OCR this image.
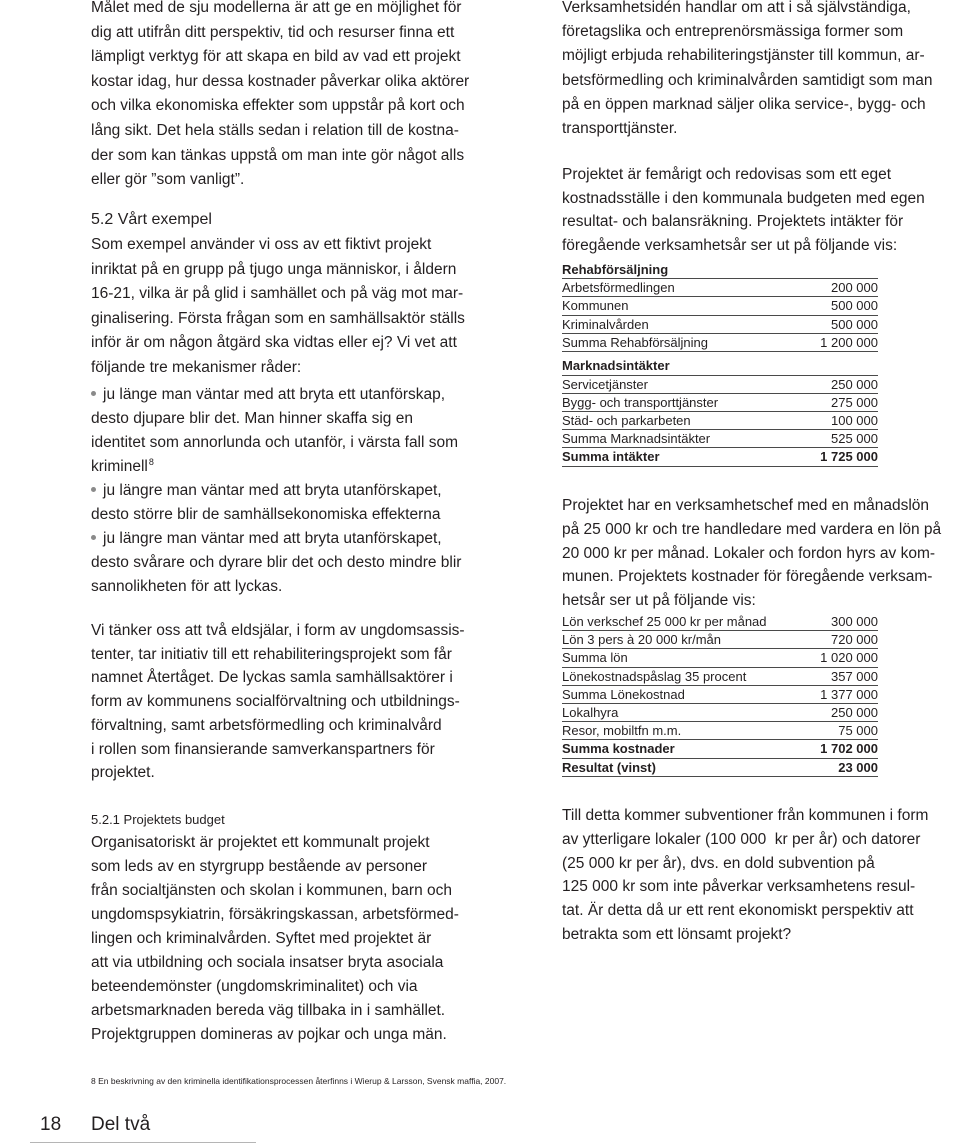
Målet med de sju modellerna är att ge en möjlighet för
dig att utifrån ditt perspektiv, tid och resurser finna ett
lämpligt verktyg för att skapa en bild av vad ett projekt
kostar idag, hur dessa kostnader påverkar olika aktörer
och vilka ekonomiska effekter som uppstår på kort och
lång sikt. Det hela ställs sedan i relation till de kostna-
der som kan tänkas uppstå om man inte gör något alls
eller gör ”som vanligt”.
5.2 Vårt exempel
Som exempel använder vi oss av ett fiktivt projekt
inriktat på en grupp på tjugo unga människor, i åldern
16-21, vilka är på glid i samhället och på väg mot mar-
ginalisering. Första frågan som en samhällsaktör ställs
inför är om någon åtgärd ska vidtas eller ej? Vi vet att
följande tre mekanismer råder:
ju länge man väntar med att bryta ett utanförskap,
desto djupare blir det. Man hinner skaffa sig en
identitet som annorlunda och utanför, i värsta fall som
kriminell$^8$
ju längre man väntar med att bryta utanförskapet,
desto större blir de samhällsekonomiska effekterna
ju längre man väntar med att bryta utanförskapet,
desto svårare och dyrare blir det och desto mindre blir
sannolikheten för att lyckas.
Vi tänker oss att två eldsjälar, i form av ungdomsassis-
tenter, tar initiativ till ett rehabiliteringsprojekt som får
namnet Återtåget. De lyckas samla samhällsaktörer i
form av kommunens socialförvaltning och utbildnings-
förvaltning, samt arbetsförmedling och kriminalvård
i rollen som finansierande samverkanspartners för
projektet.
5.2.1 Projektets budget
Organisatoriskt är projektet ett kommunalt projekt
som leds av en styrgrupp bestående av personer
från socialtjänsten och skolan i kommunen, barn och
ungdomspsykiatrin, försäkringskassan, arbetsförmed-
lingen och kriminalvården. Syftet med projektet är
att via utbildning och sociala insatser bryta asociala
beteendemönster (ungdomskriminalitet) och via
arbetsmarknaden bereda väg tillbaka in i samhället.
Projektgruppen domineras av pojkar och unga män.
Verksamhetsidén handlar om att i så självständiga,
företagslika och entreprenörsmässiga former som
möjligt erbjuda rehabiliteringstjänster till kommun, ar-
betsförmedling och kriminalvården samtidigt som man
på en öppen marknad säljer olika service-, bygg- och
transporttjänster.
Projektet är femårigt och redovisas som ett eget
kostnadsställe i den kommunala budgeten med egen
resultat- och balansräkning. Projektets intäkter för
föregående verksamhetsår ser ut på följande vis:
Rehabförsäljning
Arbetsförmedlingen	200 000
Kommunen	500 000
Kriminalvården	500 000
Summa Rehabförsäljning	1 200 000
Marknadsintäkter
Servicetjänster	250 000
Bygg- och transporttjänster	275 000
Städ- och parkarbeten	100 000
Summa Marknadsintäkter	525 000
Summa intäkter	1 725 000
Projektet har en verksamhetschef med en månadslön
på 25 000 kr och tre handledare med vardera en lön på
20 000 kr per månad. Lokaler och fordon hyrs av kom-
munen. Projektets kostnader för föregående verksam-
hetsår ser ut på följande vis:
Lön verkschef 25 000 kr per månad	300 000
Lön 3 pers à 20 000 kr/mån	720 000
Summa lön	1 020 000
Lönekostnadspåslag 35 procent	357 000
Summa Lönekostnad	1 377 000
Lokalhyra	250 000
Resor, mobiltfn m.m.	75 000
Summa kostnader	1 702 000
Resultat (vinst)	23 000
Till detta kommer subventioner från kommunen i form
av ytterligare lokaler (100 000  kr per år) och datorer
(25 000 kr per år), dvs. en dold subvention på
125 000 kr som inte påverkar verksamhetens resul-
tat. Är detta då ur ett rent ekonomiskt perspektiv att
betrakta som ett lönsamt projekt?
8 En beskrivning av den kriminella identifikationsprocessen återfinns i Wierup & Larsson, Svensk maffia, 2007.
18 Del två
